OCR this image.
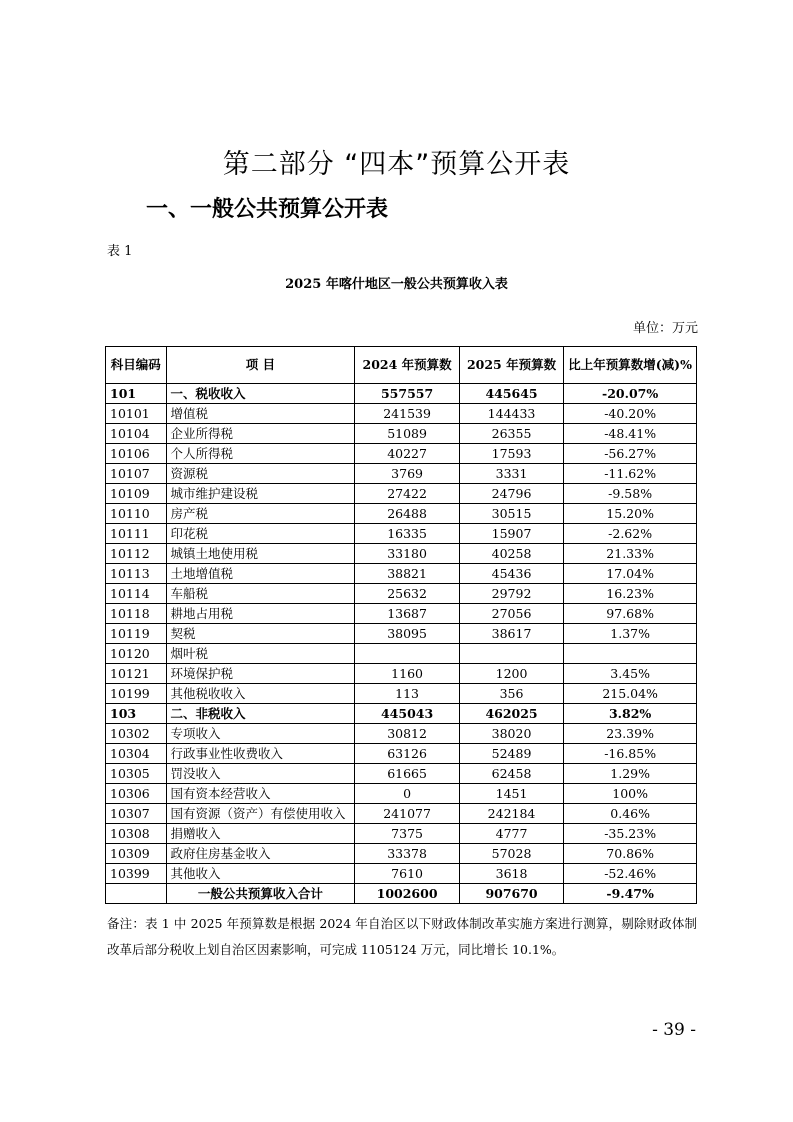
第二部分 “四本”预算公开表
一、一般公共预算公开表
表 1
2025 年喀什地区一般公共预算收入表
单位：万元
科目编码	项 目	2024 年预算数	2025 年预算数	比上年预算数增(减)%
101	一、税收收入	557557	445645	-20.07%
10101	增值税	241539	144433	-40.20%
10104	企业所得税	51089	26355	-48.41%
10106	个人所得税	40227	17593	-56.27%
10107	资源税	3769	3331	-11.62%
10109	城市维护建设税	27422	24796	-9.58%
10110	房产税	26488	30515	15.20%
10111	印花税	16335	15907	-2.62%
10112	城镇土地使用税	33180	40258	21.33%
10113	土地增值税	38821	45436	17.04%
10114	车船税	25632	29792	16.23%
10118	耕地占用税	13687	27056	97.68%
10119	契税	38095	38617	1.37%
10120	烟叶税			
10121	环境保护税	1160	1200	3.45%
10199	其他税收收入	113	356	215.04%
103	二、非税收入	445043	462025	3.82%
10302	专项收入	30812	38020	23.39%
10304	行政事业性收费收入	63126	52489	-16.85%
10305	罚没收入	61665	62458	1.29%
10306	国有资本经营收入	0	1451	100%
10307	国有资源（资产）有偿使用收入	241077	242184	0.46%
10308	捐赠收入	7375	4777	-35.23%
10309	政府住房基金收入	33378	57028	70.86%
10399	其他收入	7610	3618	-52.46%
	一般公共预算收入合计	1002600	907670	-9.47%
备注：表 1 中 2025 年预算数是根据 2024 年自治区以下财政体制改革实施方案进行测算，剔除财政体制改革后部分税收上划自治区因素影响，可完成 1105124 万元，同比增长 10.1%。
- 39 -
